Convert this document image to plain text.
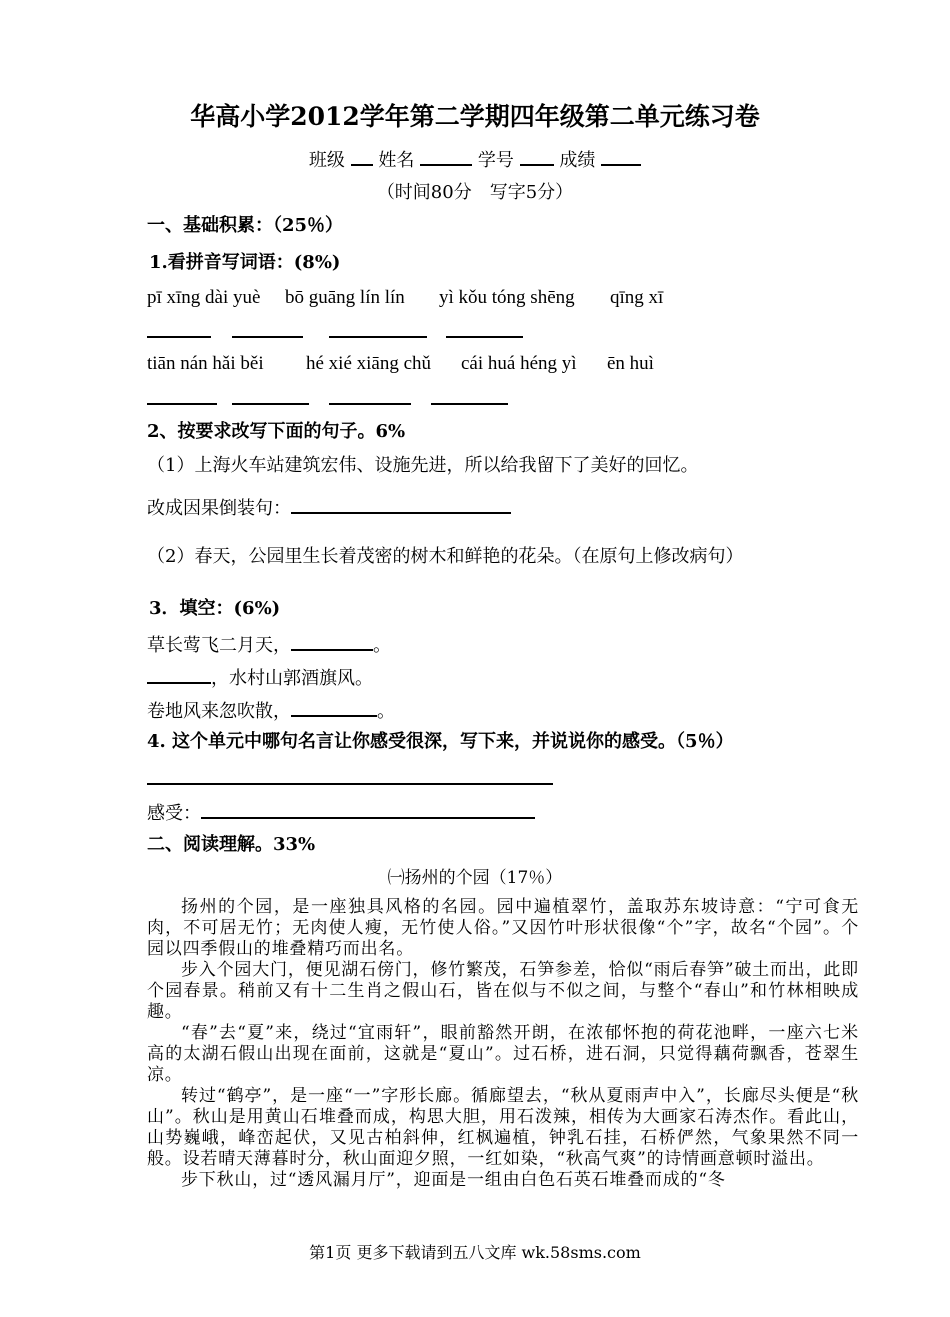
华高小学2012学年第二学期四年级第二单元练习卷
班级 姓名	学号	成绩
（时间80分　写字5分）
一、基础积累：（25％）
1.看拼音写词语：(8%)
pī xīng dài yuè bō guāng lín lín yì kǒu tóng shēng qīng xī
tiān nán hǎi běi hé xié xiāng chǔ cái huá héng yì ēn huì
2、按要求改写下面的句子。6%
（1）上海火车站建筑宏伟、设施先进，所以给我留下了美好的回忆。
改成因果倒装句：
（2）春天，公园里生长着茂密的树木和鲜艳的花朵。（在原句上修改病句）
3．填空：(6%)
草长莺飞二月天，	。
，水村山郭酒旗风。
卷地风来忽吹散，	。
4. 这个单元中哪句名言让你感受很深，写下来，并说说你的感受。（5％）
感受：
二、阅读理解。33%
㈠扬州的个园（17％）

扬州的个园，是一座独具风格的名园。园中遍植翠竹，盖取苏东坡诗意：“宁可食无肉，不可居无竹；无肉使人瘦，无竹使人俗。”又因竹叶形状很像“个”字，故名“个园”。个园以四季假山的堆叠精巧而出名。

步入个园大门，便见湖石傍门，修竹繁茂，石笋参差，恰似“雨后春笋”破土而出，此即个园春景。稍前又有十二生肖之假山石，皆在似与不似之间，与整个“春山”和竹林相映成趣。

“春”去“夏”来，绕过“宜雨轩”，眼前豁然开朗，在浓郁怀抱的荷花池畔，一座六七米高的太湖石假山出现在面前，这就是“夏山”。过石桥，进石洞，只觉得藕荷飘香，苍翠生凉。

转过“鹤亭”，是一座“一”字形长廊。循廊望去，“秋从夏雨声中入”，长廊尽头便是“秋山”。秋山是用黄山石堆叠而成，构思大胆，用石泼辣，相传为大画家石涛杰作。看此山，山势巍峨，峰峦起伏，又见古柏斜伸，红枫遍植，钟乳石挂，石桥俨然，气象果然不同一般。设若晴天薄暮时分，秋山面迎夕照，一红如染，“秋高气爽”的诗情画意顿时溢出。

步下秋山，过“透风漏月厅”，迎面是一组由白色石英石堆叠而成的“冬

第1页 更多下载请到五八文库 wk.58sms.com
